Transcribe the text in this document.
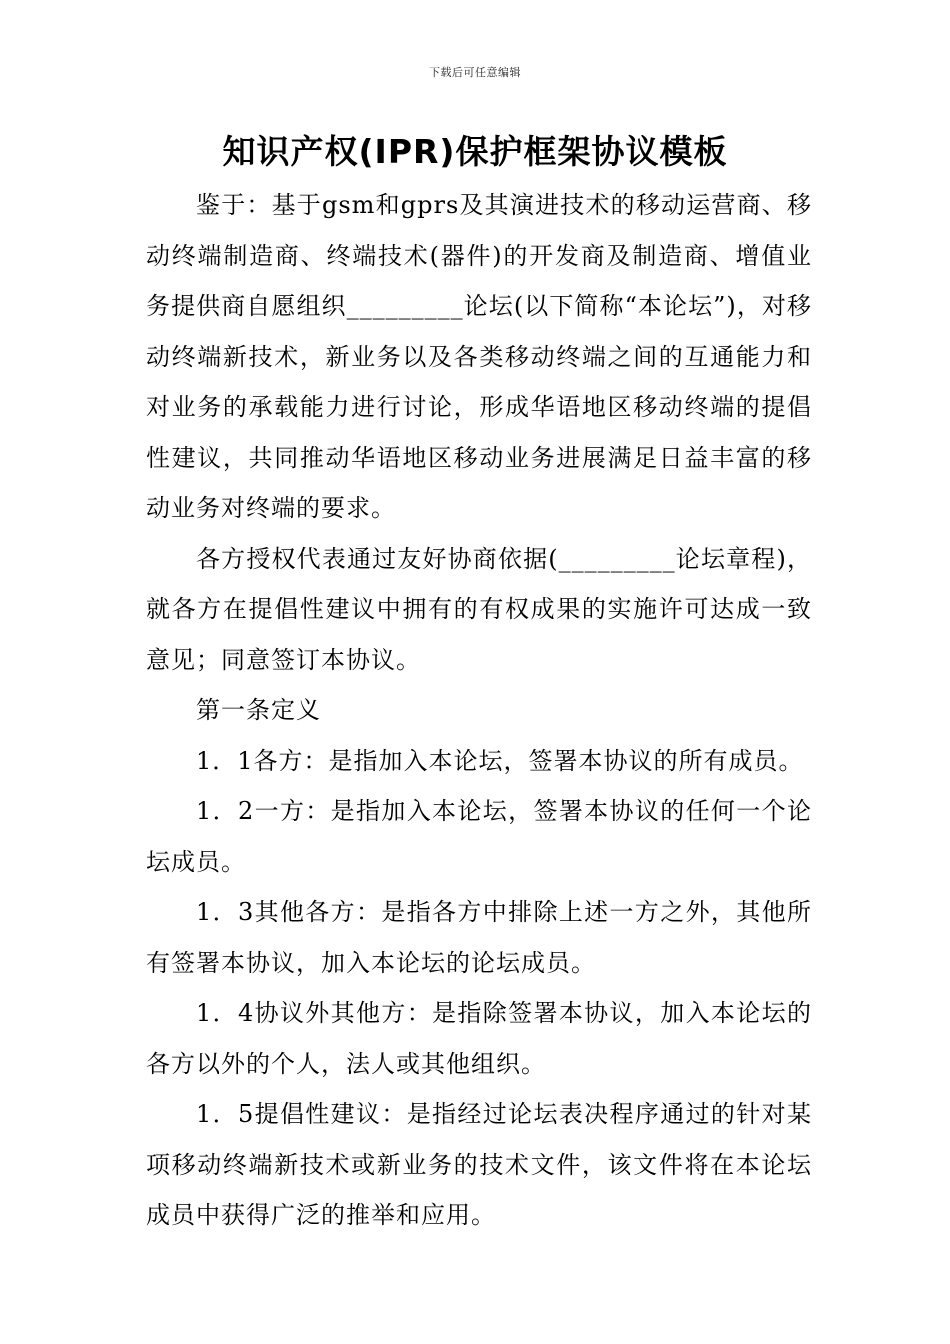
下载后可任意编辑
知识产权(IPR)保护框架协议模板

鉴于：基于gsm和gprs及其演进技术的移动运营商、移动终端制造商、终端技术(器件)的开发商及制造商、增值业务提供商自愿组织_________论坛(以下简称“本论坛”)，对移动终端新技术，新业务以及各类移动终端之间的互通能力和对业务的承载能力进行讨论，形成华语地区移动终端的提倡性建议，共同推动华语地区移动业务进展满足日益丰富的移动业务对终端的要求。

各方授权代表通过友好协商依据(_________论坛章程)，就各方在提倡性建议中拥有的有权成果的实施许可达成一致意见；同意签订本协议。

第一条定义

1．1各方：是指加入本论坛，签署本协议的所有成员。

1．2一方：是指加入本论坛，签署本协议的任何一个论坛成员。

1．3其他各方：是指各方中排除上述一方之外，其他所有签署本协议，加入本论坛的论坛成员。

1．4协议外其他方：是指除签署本协议，加入本论坛的各方以外的个人，法人或其他组织。

1．5提倡性建议：是指经过论坛表决程序通过的针对某项移动终端新技术或新业务的技术文件，该文件将在本论坛成员中获得广泛的推举和应用。
